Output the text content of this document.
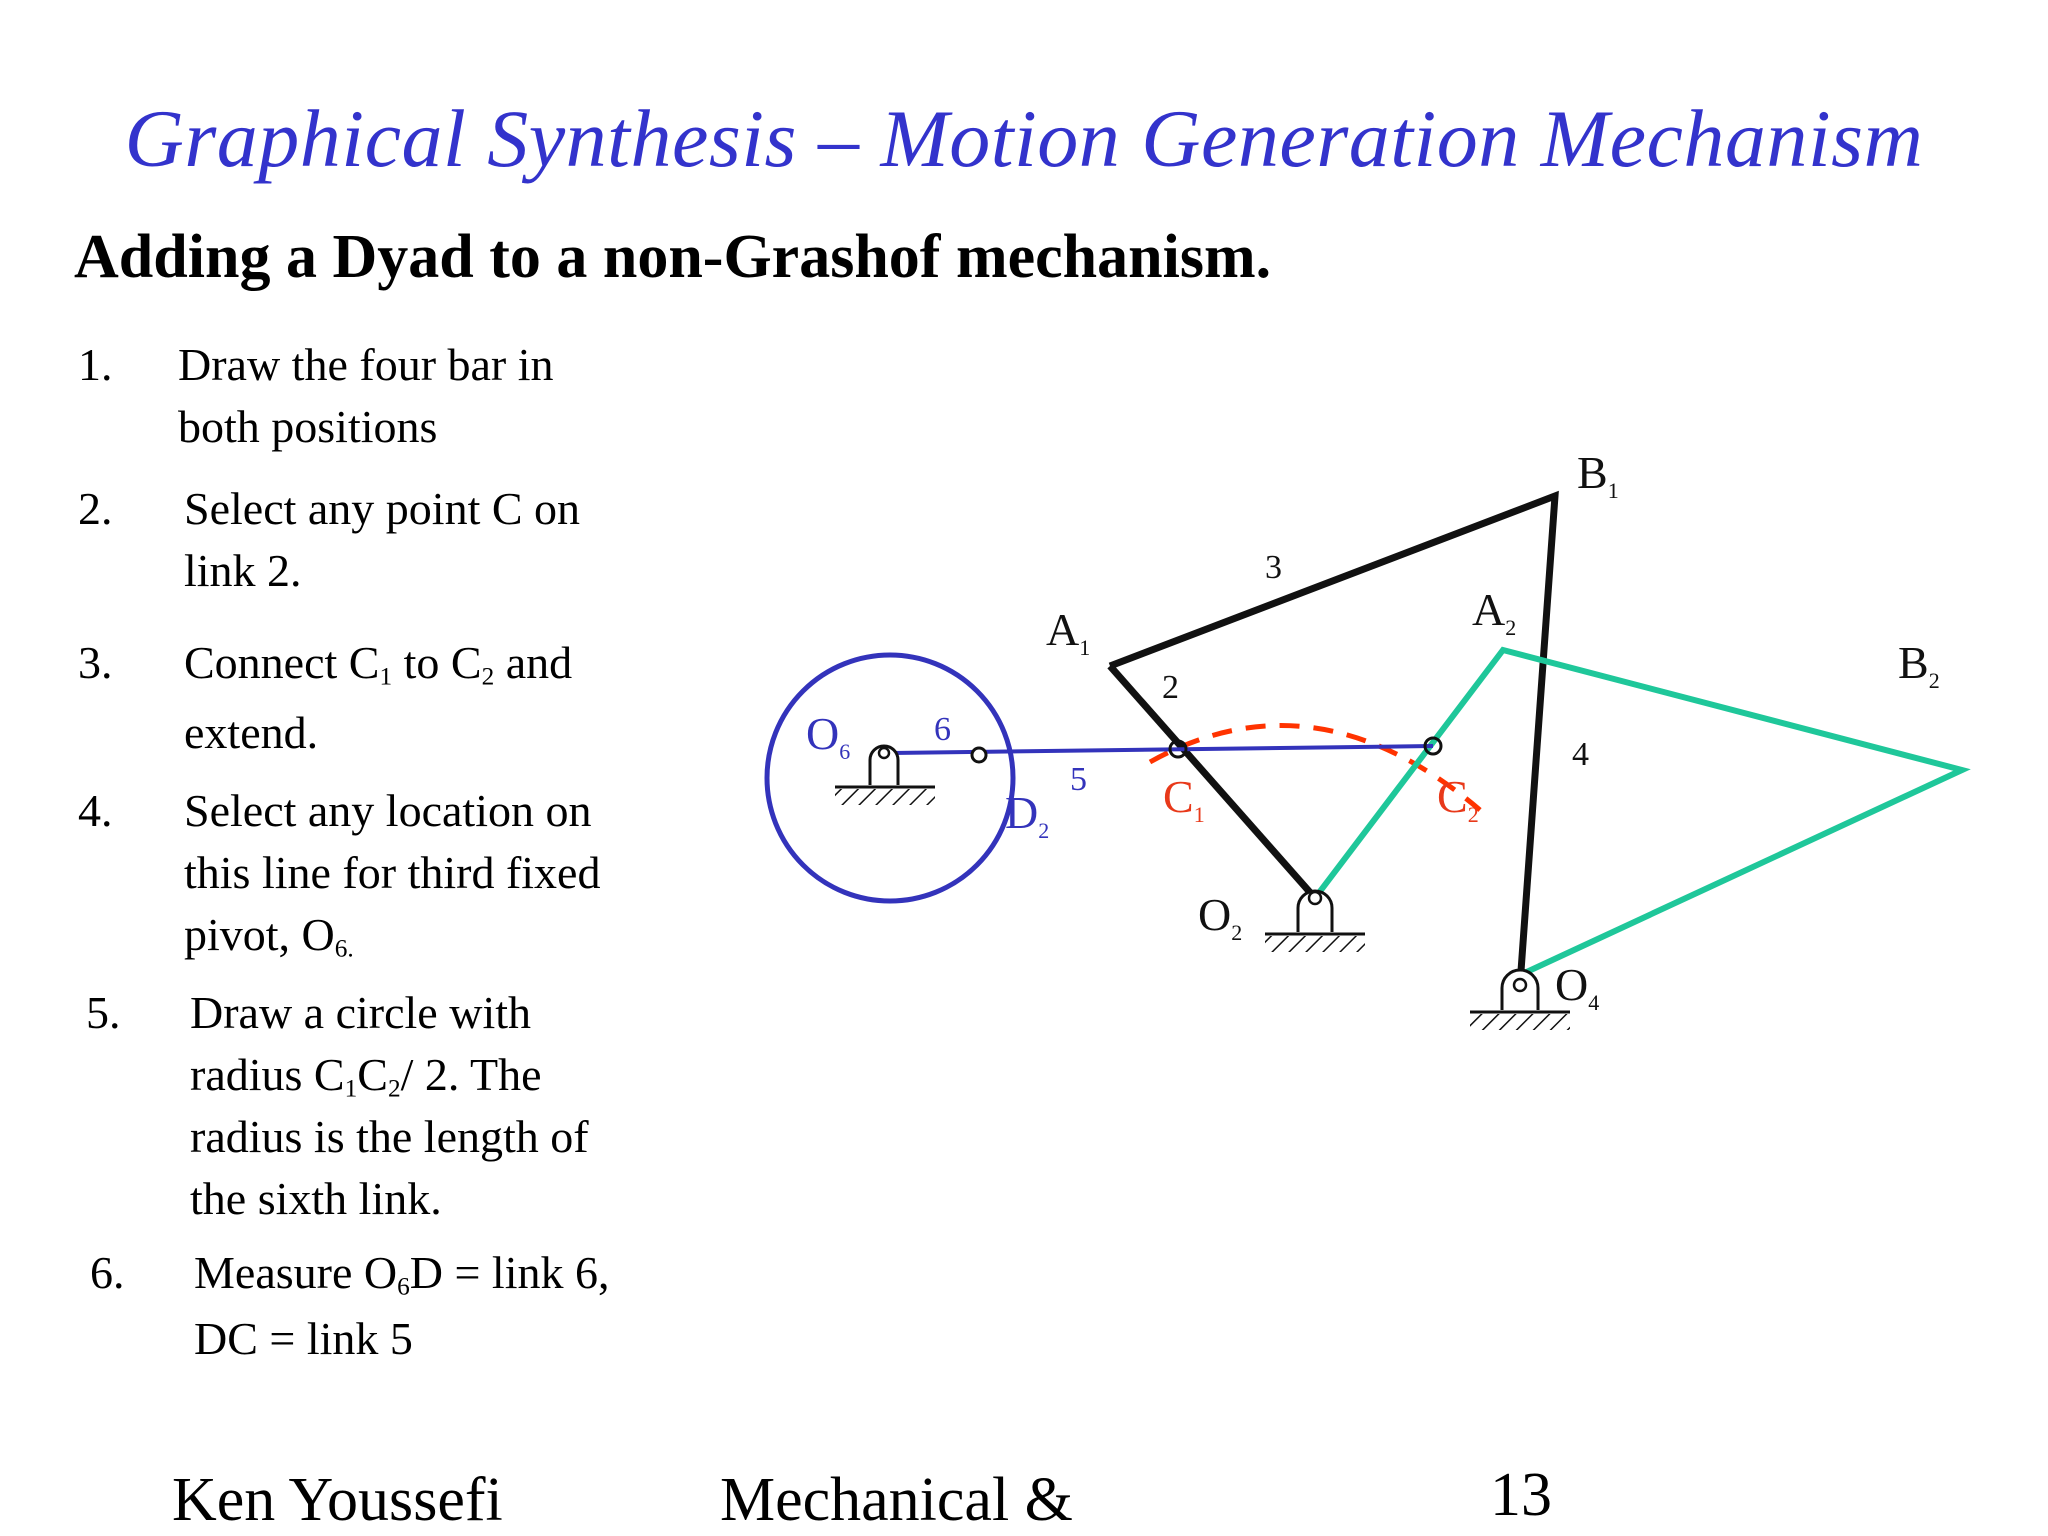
Graphical Synthesis – Motion Generation Mechanism
Adding a Dyad to a non-Grashof mechanism.
1. Draw the four bar in
both positions
2. Select any point C on
link 2.
3. Connect $C_1$ to $C_2$ and
extend.
4. Select any location on
this line for third fixed
pivot, $O_{6.}$
5. Draw a circle with
radius $C_1C_2/$ 2. The
radius is the length of
the sixth link.
6. Measure $O_6D$ = link 6,
DC = link 5
Ken Youssefi	Mechanical &	13
$B_1$
$A_1$
$A_2$
$B_2$
$O_6$
$D_2$
$C_1$	$C_2$
$O_2$
$O_4$
2
3
4
5
6
